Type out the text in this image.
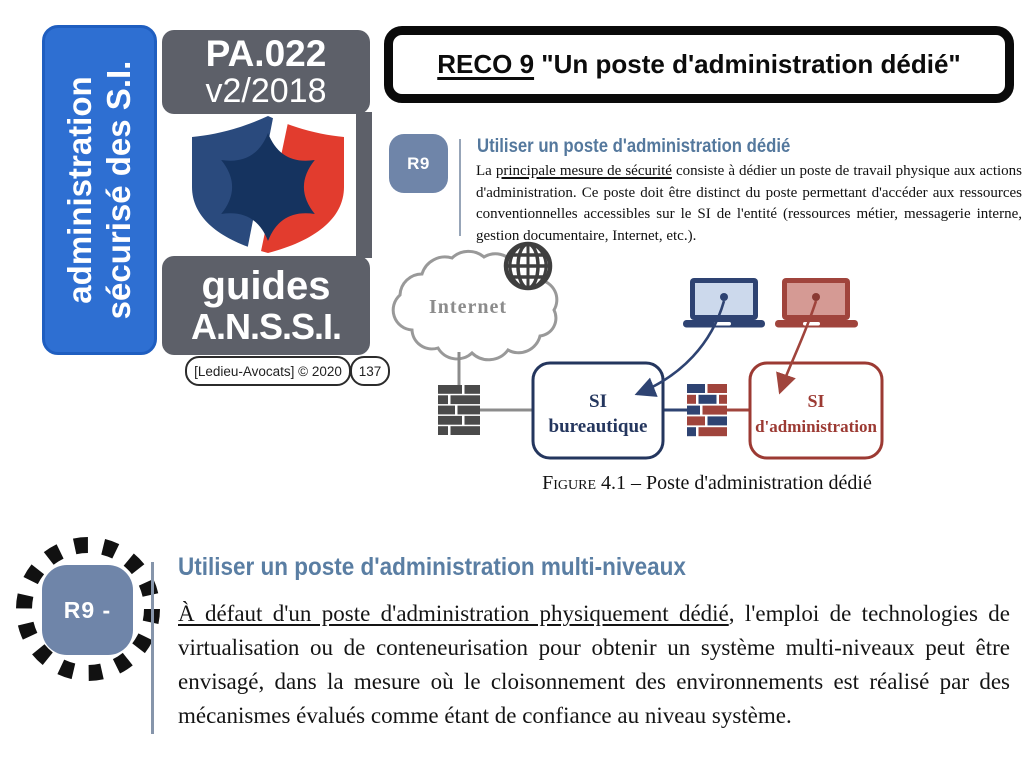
administration sécurisé des S.I.
PA.022
v2/2018
guides
A.N.S.S.I.
[Ledieu-Avocats] © 2020 137
RECO 9 "Un poste d'administration dédié"
R9
Utiliser un poste d'administration dédié
La principale mesure de sécurité consiste à dédier un poste de travail physique aux actions d'administration. Ce poste doit être distinct du poste permettant d'accéder aux ressources conventionnelles accessibles sur le SI de l'entité (ressources métier, messagerie interne, gestion documentaire, Internet, etc.).
Internet
SI
bureautique
SI
d'administration
Figure 4.1 – Poste d'administration dédié
R9 -
Utiliser un poste d'administration multi-niveaux
À défaut d'un poste d'administration physiquement dédié, l'emploi de technologies de virtualisation ou de conteneurisation pour obtenir un système multi-niveaux peut être envisagé, dans la mesure où le cloisonnement des environnements est réalisé par des mécanismes évalués comme étant de confiance au niveau système.
